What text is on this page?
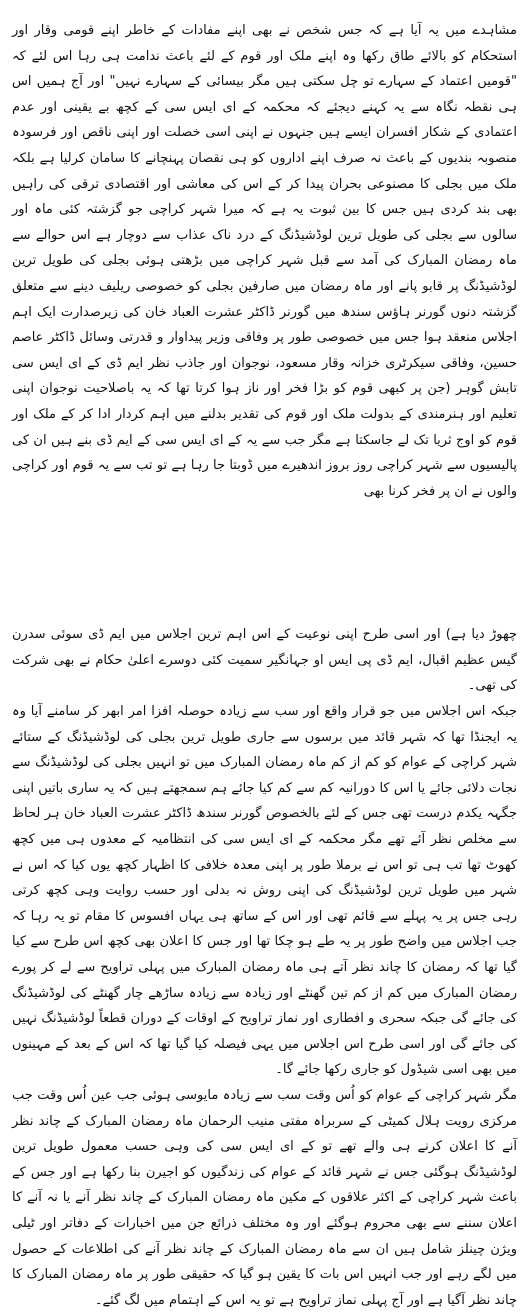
مشاہدے میں یہ آیا ہے کہ جس شخص نے بھی اپنے مفادات کے خاطر اپنے قومی وقار اور استحکام کو بالائے طاق رکھا وہ اپنے ملک اور قوم کے لئے باعث ندامت ہی رہا اس لئے کہ "قومیں اعتماد کے سہارے تو چل سکتی ہیں مگر بیسائی کے سہارے نہیں" اور آج ہمیں اس ہی نقطہ نگاہ سے یہ کہنے دیجئے کہ محکمہ کے ای ایس سی کے کچھ بے یقینی اور عدم اعتمادی کے شکار افسران ایسے ہیں جنہوں نے اپنی اسی خصلت اور اپنی ناقص اور فرسودہ منصوبہ بندیوں کے باعث نہ صرف اپنے اداروں کو ہی نقصان پہنچانے کا سامان کرلیا ہے بلکہ ملک میں بجلی کا مصنوعی بحران پیدا کر کے اس کی معاشی اور اقتصادی ترقی کی راہیں بھی بند کردی ہیں جس کا بین ثبوت یہ ہے کہ میرا شہر کراچی جو گزشتہ کئی ماہ اور سالوں سے بجلی کی طویل ترین لوڈشیڈنگ کے درد ناک عذاب سے دوچار ہے اس حوالے سے ماہ رمضان المبارک کی آمد سے قبل شہر کراچی میں بڑھتی ہوئی بجلی کی طویل ترین لوڈشیڈنگ پر قابو پانے اور ماہ رمضان میں صارفین بجلی کو خصوصی ریلیف دینے سے متعلق گزشتہ دنوں گورنر ہاؤس سندھ میں گورنر ڈاکٹر عشرت العباد خان کی زیرصدارت ایک اہم اجلاس منعقد ہوا جس میں خصوصی طور پر وفاقی وزیر پیداوار و قدرتی وسائل ڈاکٹر عاصم حسین، وفاقی سیکرٹری خزانہ وقار مسعود، نوجوان اور جاذب نظر ایم ڈی کے ای ایس سی تابش گوہر (جن پر کبھی قوم کو بڑا فخر اور ناز ہوا کرتا تھا کہ یہ باصلاحیت نوجوان اپنی تعلیم اور ہنرمندی کے بدولت ملک اور قوم کی تقدیر بدلنے میں اہم کردار ادا کر کے ملک اور قوم کو اوج ثریا تک لے جاسکتا ہے مگر جب سے یہ کے ای ایس سی کے ایم ڈی بنے ہیں ان کی پالیسیوں سے شہر کراچی روز بروز اندھیرے میں ڈوبتا جا رہا ہے تو تب سے یہ قوم اور کراچی والوں نے ان پر فخر کرنا بھی

چھوڑ دیا ہے) اور اسی طرح اپنی نوعیت کے اس اہم ترین اجلاس میں ایم ڈی سوئی سدرن گیس عظیم اقبال، ایم ڈی پی ایس او جہانگیر سمیت کئی دوسرے اعلیٰ حکام نے بھی شرکت کی تھی۔

جبکہ اس اجلاس میں جو قرار واقع اور سب سے زیادہ حوصلہ افزا امر ابھر کر سامنے آیا وہ یہ ایجنڈا تھا کہ شہر قائد میں برسوں سے جاری طویل ترین بجلی کی لوڈشیڈنگ کے ستائے شہر کراچی کے عوام کو کم از کم ماہ رمضان المبارک میں تو انہیں بجلی کی لوڈشیڈنگ سے نجات دلائی جائے یا اس کا دورانیہ کم سے کم کیا جائے ہم سمجھتے ہیں کہ یہ ساری باتیں اپنی جگہہ یکدم درست تھی جس کے لئے بالخصوص گورنر سندھ ڈاکٹر عشرت العباد خان ہر لحاظ سے مخلص نظر آئے تھے مگر محکمہ کے ای ایس سی کی انتظامیہ کے معدوں ہی میں کچھ کھوٹ تھا تب ہی تو اس نے برملا طور پر اپنی معدہ خلافی کا اظہار کچھ یوں کیا کہ اس نے شہر میں طویل ترین لوڈشیڈنگ کی اپنی روش نہ بدلی اور حسب روایت وہی کچھ کرتی رہی جس پر یہ پہلے سے قائم تھی اور اس کے ساتھ ہی یہاں افسوس کا مقام تو یہ رہا کہ جب اجلاس میں واضح طور پر یہ طے ہو چکا تھا اور جس کا اعلان بھی کچھ اس طرح سے کیا گیا تھا کہ رمضان کا چاند نظر آتے ہی ماہ رمضان المبارک میں پہلی تراویح سے لے کر پورے رمضان المبارک میں کم از کم تین گھنٹے اور زیادہ سے زیادہ ساڑھے چار گھنٹے کی لوڈشیڈنگ کی جائے گی جبکہ سحری و افطاری اور نماز تراویح کے اوقات کے دوران قطعاً لوڈشیڈنگ نہیں کی جائے گی اور اسی طرح اس اجلاس میں یہی فیصلہ کیا گیا تھا کہ اس کے بعد کے مہینوں میں بھی اسی شیڈول کو جاری رکھا جائے گا۔

مگر شہر کراچی کے عوام کو اُس وقت سب سے زیادہ مایوسی ہوئی جب عین اُس وقت جب مرکزی رویت ہلال کمیٹی کے سربراہ مفتی منیب الرحمان ماہ رمضان المبارک کے چاند نظر آنے کا اعلان کرنے ہی والے تھے تو کے ای ایس سی کی وہی حسب معمول طویل ترین لوڈشیڈنگ ہوگئی جس نے شہر قائد کے عوام کی زندگیوں کو اجیرن بنا رکھا ہے اور جس کے باعث شہر کراچی کے اکثر علاقوں کے مکین ماہ رمضان المبارک کے چاند نظر آنے یا نہ آنے کا اعلان سننے سے بھی محروم ہوگئے اور وہ مختلف ذرائع جن میں اخبارات کے دفاتر اور ٹیلی ویژن چینلز شامل ہیں ان سے ماہ رمضان المبارک کے چاند نظر آنے کی اطلاعات کے حصول میں لگے رہے اور جب انہیں اس بات کا یقین ہو گیا کہ حقیقی طور پر ماہ رمضان المبارک کا چاند نظر آگیا ہے اور آج پہلی نماز تراویح ہے تو یہ اس کے اہتمام میں لگ گئے۔
